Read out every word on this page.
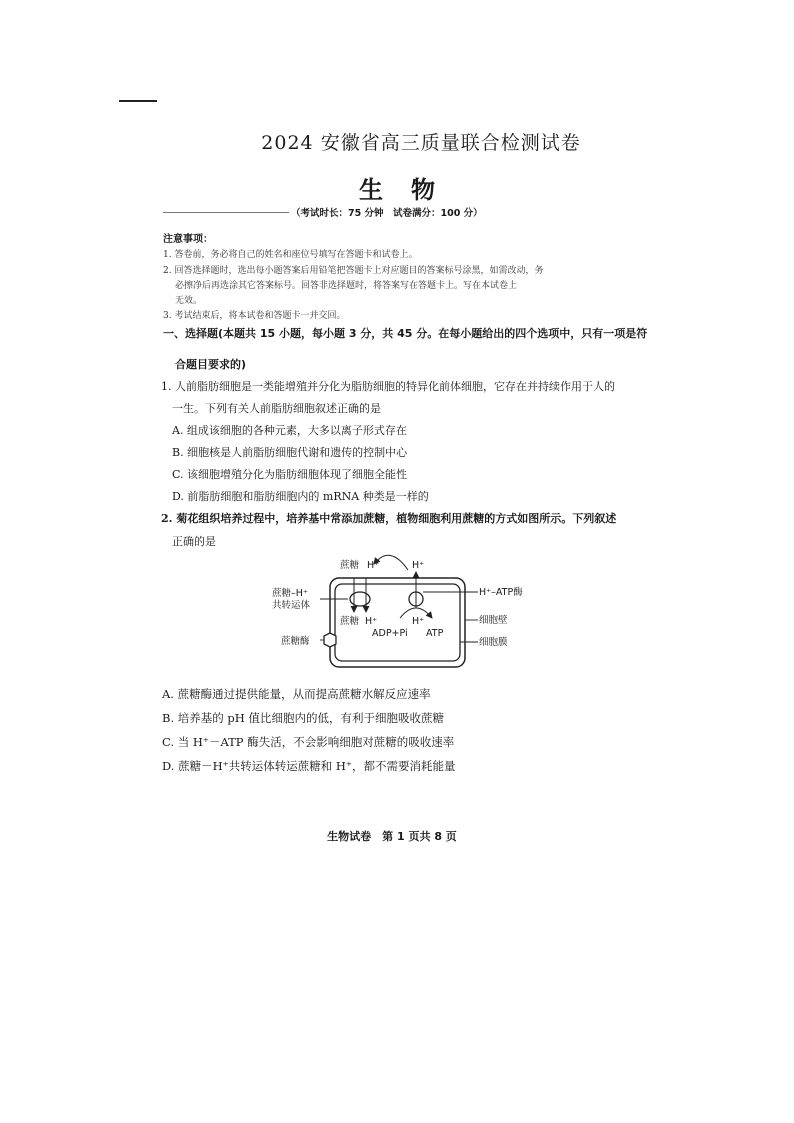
2024 安徽省高三质量联合检测试卷
生物
（考试时长：75 分钟　试卷满分：100 分）
注意事项：
1. 答卷前，务必将自己的姓名和座位号填写在答题卡和试卷上。
2. 回答选择题时，选出每小题答案后用铅笔把答题卡上对应题目的答案标号涂黑，如需改动，务
必擦净后再选涂其它答案标号。回答非选择题时，将答案写在答题卡上。写在本试卷上
无效。
3. 考试结束后，将本试卷和答题卡一并交回。
一、选择题(本题共 15 小题，每小题 3 分，共 45 分。在每小题给出的四个选项中，只有一项是符
合题目要求的)
1. 人前脂肪细胞是一类能增殖并分化为脂肪细胞的特异化前体细胞，它存在并持续作用于人的
一生。下列有关人前脂肪细胞叙述正确的是
A. 组成该细胞的各种元素，大多以离子形式存在
B. 细胞核是人前脂肪细胞代谢和遗传的控制中心
C. 该细胞增殖分化为脂肪细胞体现了细胞全能性
D. 前脂肪细胞和脂肪细胞内的 mRNA 种类是一样的
2. 菊花组织培养过程中，培养基中常添加蔗糖，植物细胞利用蔗糖的方式如图所示。下列叙述
正确的是
蔗糖 H⁺	H⁺
蔗糖–H⁺
共转运体
蔗糖 H⁺	H⁺
ADP+Pi ATP
H⁺–ATP酶
细胞壁
细胞膜
蔗糖酶
A. 蔗糖酶通过提供能量，从而提高蔗糖水解反应速率
B. 培养基的 pH 值比细胞内的低，有利于细胞吸收蔗糖
C. 当 H⁺－ATP 酶失活，不会影响细胞对蔗糖的吸收速率
D. 蔗糖－H⁺共转运体转运蔗糖和 H⁺，都不需要消耗能量
生物试卷　第 1 页共 8 页
